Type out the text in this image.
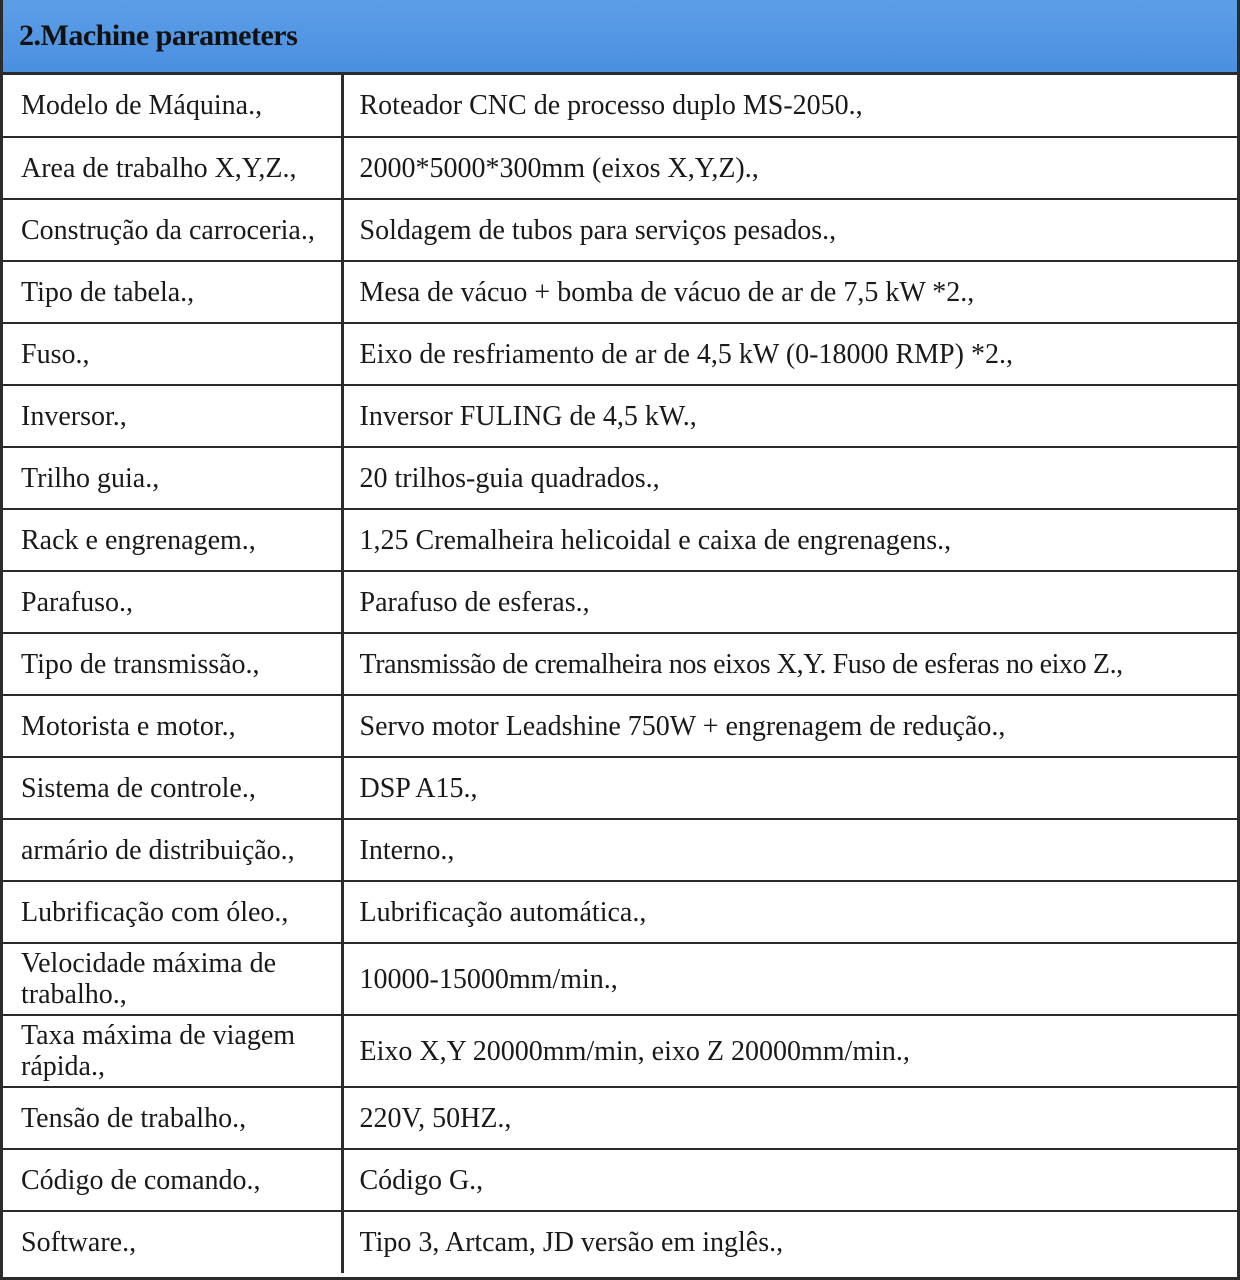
2.Machine parameters
Modelo de Máquina.,	Roteador CNC de processo duplo MS-2050.,
Area de trabalho X,Y,Z.,	2000*5000*300mm (eixos X,Y,Z).,
Construção da carroceria.,	Soldagem de tubos para serviços pesados.,
Tipo de tabela.,	Mesa de vácuo + bomba de vácuo de ar de 7,5 kW *2.,
Fuso.,	Eixo de resfriamento de ar de 4,5 kW (0-18000 RMP) *2.,
Inversor.,	Inversor FULING de 4,5 kW.,
Trilho guia.,	20 trilhos-guia quadrados.,
Rack e engrenagem.,	1,25 Cremalheira helicoidal e caixa de engrenagens.,
Parafuso.,	Parafuso de esferas.,
Tipo de transmissão.,	Transmissão de cremalheira nos eixos X,Y. Fuso de esferas no eixo Z.,
Motorista e motor.,	Servo motor Leadshine 750W + engrenagem de redução.,
Sistema de controle.,	DSP A15.,
armário de distribuição.,	Interno.,
Lubrificação com óleo.,	Lubrificação automática.,
Velocidade máxima de trabalho.,	10000-15000mm/min.,
Taxa máxima de viagem rápida.,	Eixo X,Y 20000mm/min, eixo Z 20000mm/min.,
Tensão de trabalho.,	220V, 50HZ.,
Código de comando.,	Código G.,
Software.,	Tipo 3, Artcam, JD versão em inglês.,
